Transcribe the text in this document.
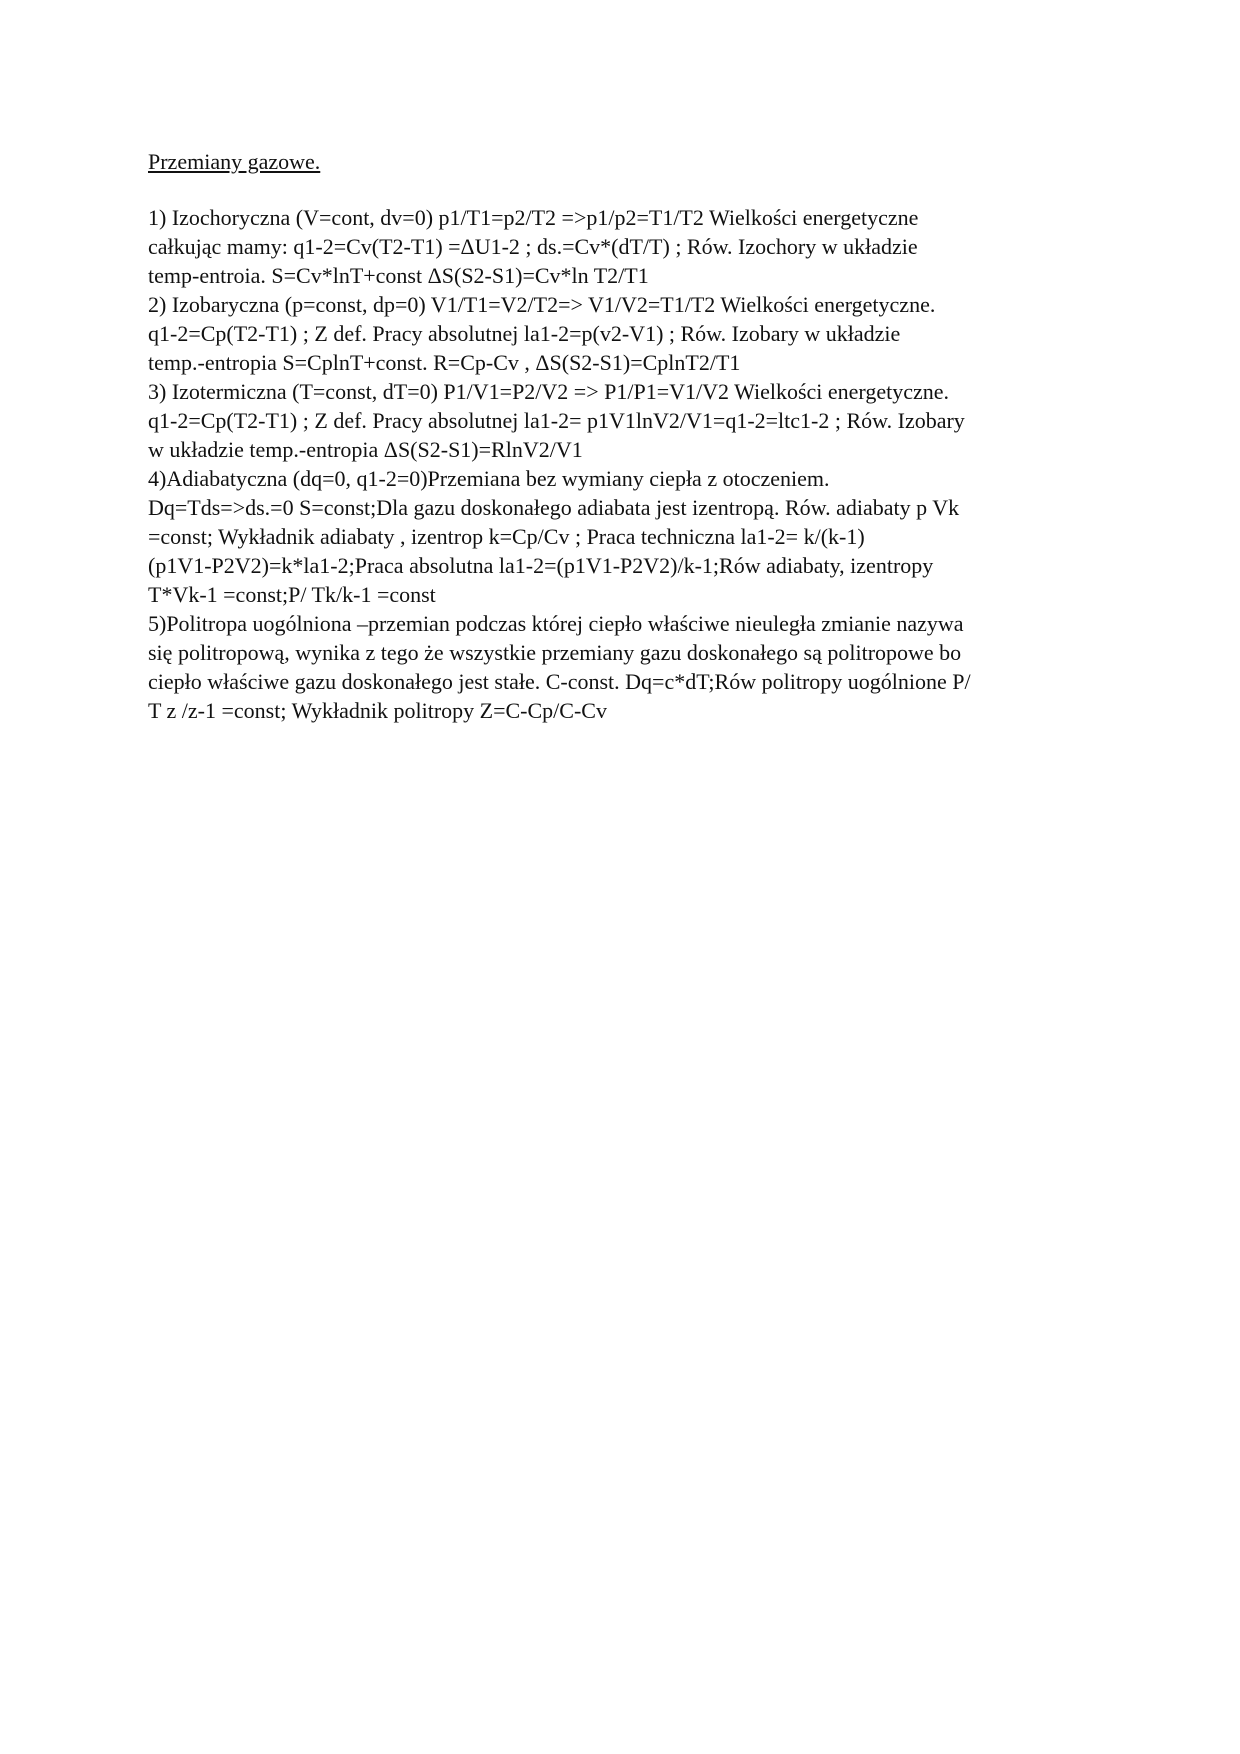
Przemiany gazowe.
1) Izochoryczna (V=cont, dv=0) p1/T1=p2/T2 =>p1/p2=T1/T2 Wielkości energetyczne
całkując mamy: q1-2=Cv(T2-T1) =ΔU1-2 ; ds.=Cv*(dT/T) ; Rów. Izochory w układzie
temp-entroia. S=Cv*lnT+const ΔS(S2-S1)=Cv*ln T2/T1
2) Izobaryczna (p=const, dp=0) V1/T1=V2/T2=> V1/V2=T1/T2 Wielkości energetyczne.
q1-2=Cp(T2-T1) ; Z def. Pracy absolutnej la1-2=p(v2-V1) ; Rów. Izobary w układzie
temp.-entropia S=CplnT+const. R=Cp-Cv , ΔS(S2-S1)=CplnT2/T1
3) Izotermiczna (T=const, dT=0) P1/V1=P2/V2 => P1/P1=V1/V2 Wielkości energetyczne.
q1-2=Cp(T2-T1) ; Z def. Pracy absolutnej la1-2= p1V1lnV2/V1=q1-2=ltc1-2 ; Rów. Izobary
w układzie temp.-entropia ΔS(S2-S1)=RlnV2/V1
4)Adiabatyczna (dq=0, q1-2=0)Przemiana bez wymiany ciepła z otoczeniem.
Dq=Tds=>ds.=0 S=const;Dla gazu doskonałego adiabata jest izentropą. Rów. adiabaty p Vk
=const; Wykładnik adiabaty , izentrop k=Cp/Cv ; Praca techniczna la1-2= k/(k-1)
(p1V1-P2V2)=k*la1-2;Praca absolutna la1-2=(p1V1-P2V2)/k-1;Rów adiabaty, izentropy
T*Vk-1 =const;P/ Tk/k-1 =const
5)Politropa uogólniona –przemian podczas której ciepło właściwe nieuległa zmianie nazywa
się politropową, wynika z tego że wszystkie przemiany gazu doskonałego są politropowe bo
ciepło właściwe gazu doskonałego jest stałe. C-const. Dq=c*dT;Rów politropy uogólnione P/
T z /z-1 =const; Wykładnik politropy Z=C-Cp/C-Cv
